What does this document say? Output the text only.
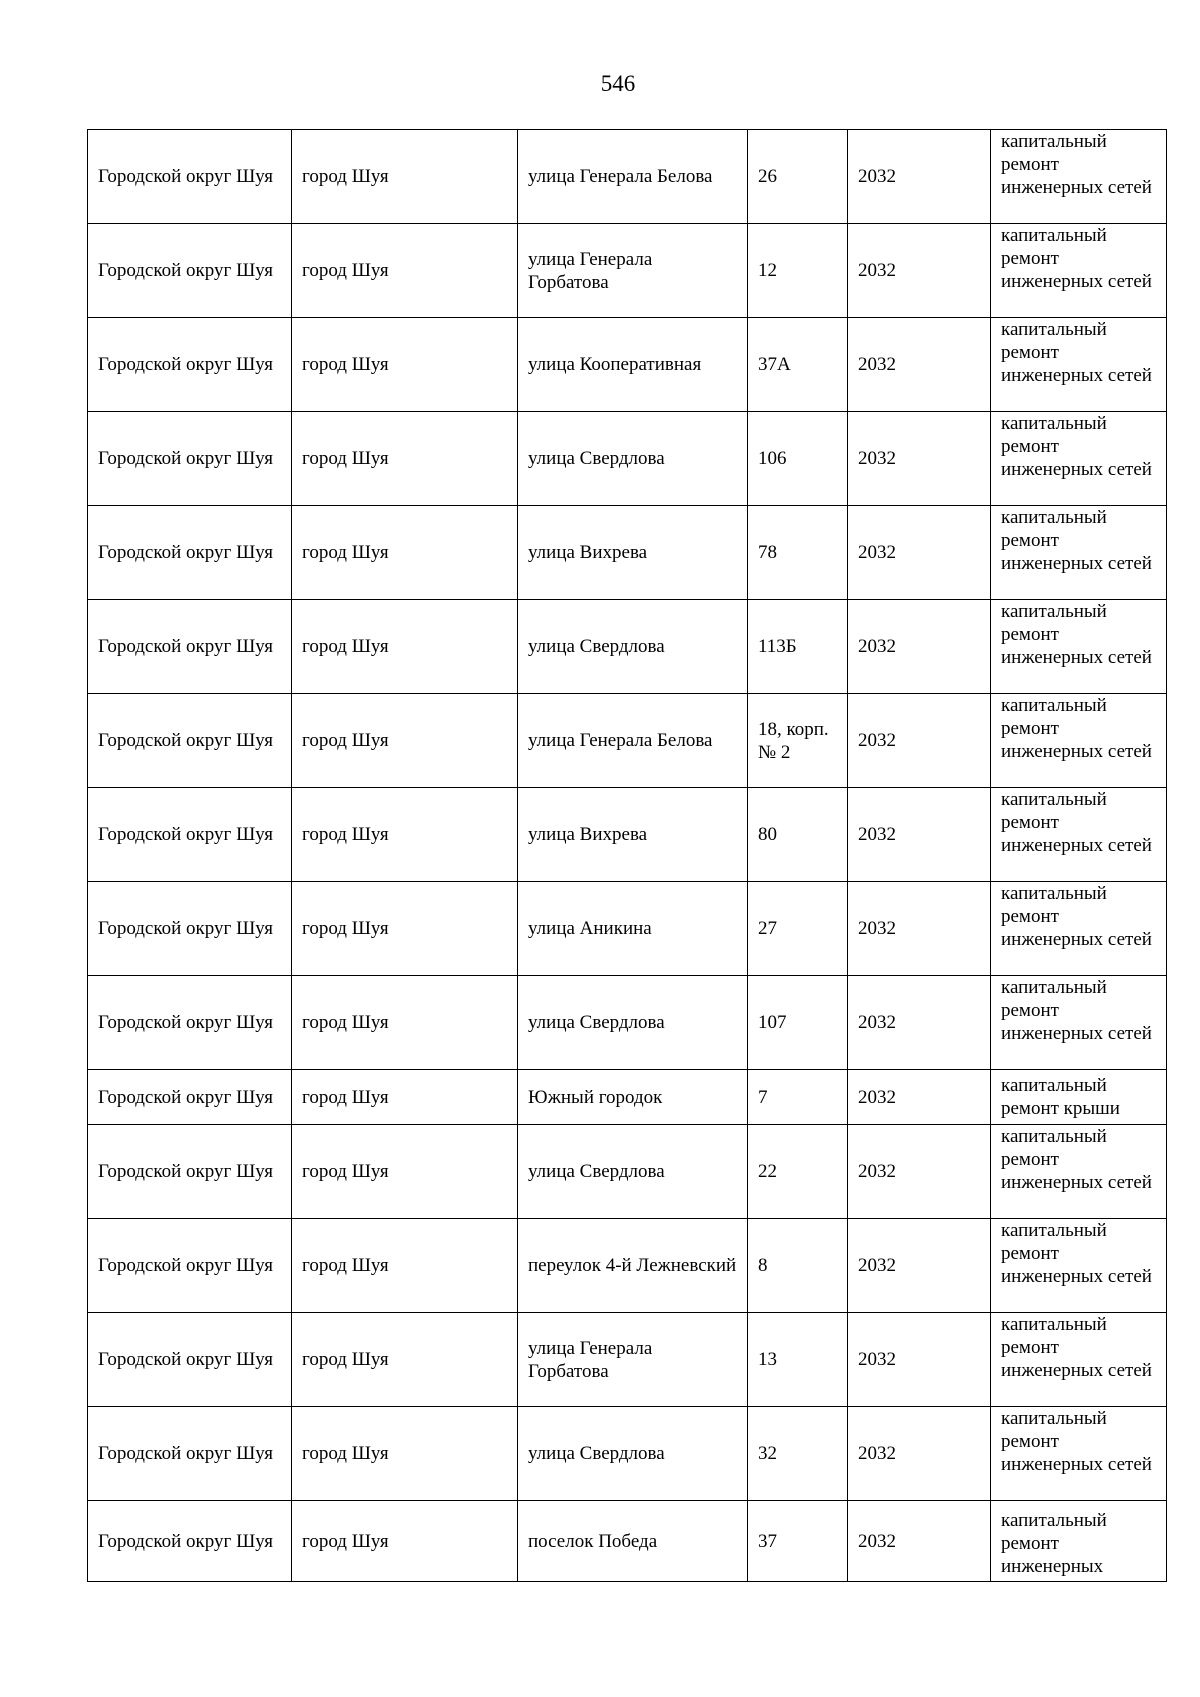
546
Городской округ Шуя	город Шуя	улица Генерала Белова	26	2032	капитальный ремонт инженерных сетей
Городской округ Шуя	город Шуя	улица Генерала Горбатова	12	2032	капитальный ремонт инженерных сетей
Городской округ Шуя	город Шуя	улица Кооперативная	37А	2032	капитальный ремонт инженерных сетей
Городской округ Шуя	город Шуя	улица Свердлова	106	2032	капитальный ремонт инженерных сетей
Городской округ Шуя	город Шуя	улица Вихрева	78	2032	капитальный ремонт инженерных сетей
Городской округ Шуя	город Шуя	улица Свердлова	113Б	2032	капитальный ремонт инженерных сетей
Городской округ Шуя	город Шуя	улица Генерала Белова	18, корп. № 2	2032	капитальный ремонт инженерных сетей
Городской округ Шуя	город Шуя	улица Вихрева	80	2032	капитальный ремонт инженерных сетей
Городской округ Шуя	город Шуя	улица Аникина	27	2032	капитальный ремонт инженерных сетей
Городской округ Шуя	город Шуя	улица Свердлова	107	2032	капитальный ремонт инженерных сетей
Городской округ Шуя	город Шуя	Южный городок	7	2032	капитальный ремонт крыши
Городской округ Шуя	город Шуя	улица Свердлова	22	2032	капитальный ремонт инженерных сетей
Городской округ Шуя	город Шуя	переулок 4-й Лежневский	8	2032	капитальный ремонт инженерных сетей
Городской округ Шуя	город Шуя	улица Генерала Горбатова	13	2032	капитальный ремонт инженерных сетей
Городской округ Шуя	город Шуя	улица Свердлова	32	2032	капитальный ремонт инженерных сетей
Городской округ Шуя	город Шуя	поселок Победа	37	2032	капитальный ремонт инженерных
